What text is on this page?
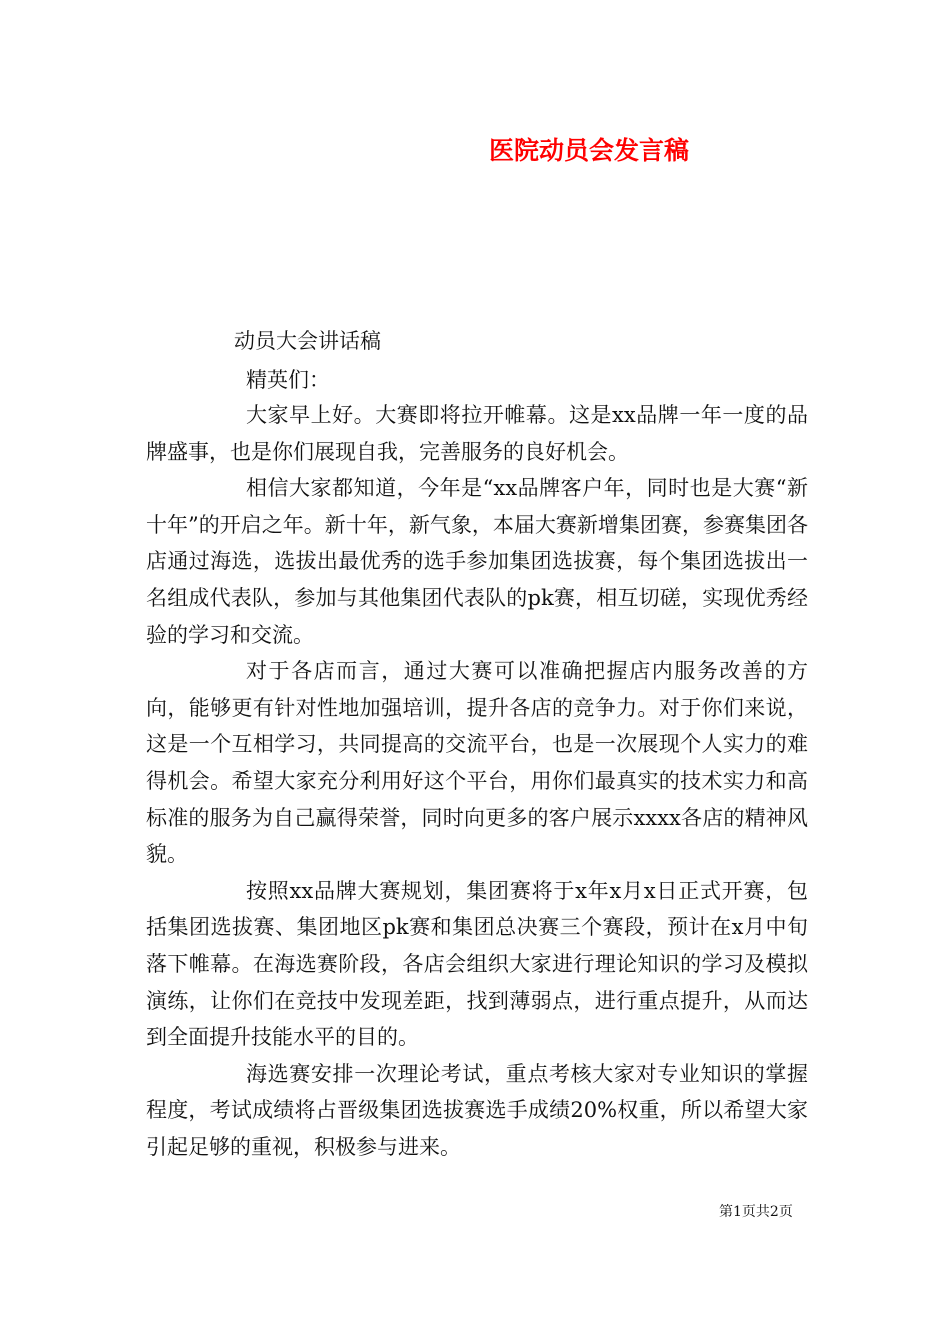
医院动员会发言稿

动员大会讲话稿

精英们：

大家早上好。大赛即将拉开帷幕。这是xx品牌一年一度的品牌盛事，也是你们展现自我，完善服务的良好机会。

相信大家都知道，今年是“xx品牌客户年，同时也是大赛“新十年”的开启之年。新十年，新气象，本届大赛新增集团赛，参赛集团各店通过海选，选拔出最优秀的选手参加集团选拔赛，每个集团选拔出一名组成代表队，参加与其他集团代表队的pk赛，相互切磋，实现优秀经验的学习和交流。

对于各店而言，通过大赛可以准确把握店内服务改善的方向，能够更有针对性地加强培训，提升各店的竞争力。对于你们来说，这是一个互相学习，共同提高的交流平台，也是一次展现个人实力的难得机会。希望大家充分利用好这个平台，用你们最真实的技术实力和高标准的服务为自己赢得荣誉，同时向更多的客户展示xxxx各店的精神风貌。

按照xx品牌大赛规划，集团赛将于x年x月x日正式开赛，包括集团选拔赛、集团地区pk赛和集团总决赛三个赛段，预计在x月中旬落下帷幕。在海选赛阶段，各店会组织大家进行理论知识的学习及模拟演练，让你们在竞技中发现差距，找到薄弱点，进行重点提升，从而达到全面提升技能水平的目的。

海选赛安排一次理论考试，重点考核大家对专业知识的掌握程度，考试成绩将占晋级集团选拔赛选手成绩20%权重，所以希望大家引起足够的重视，积极参与进来。

第1页共2页
